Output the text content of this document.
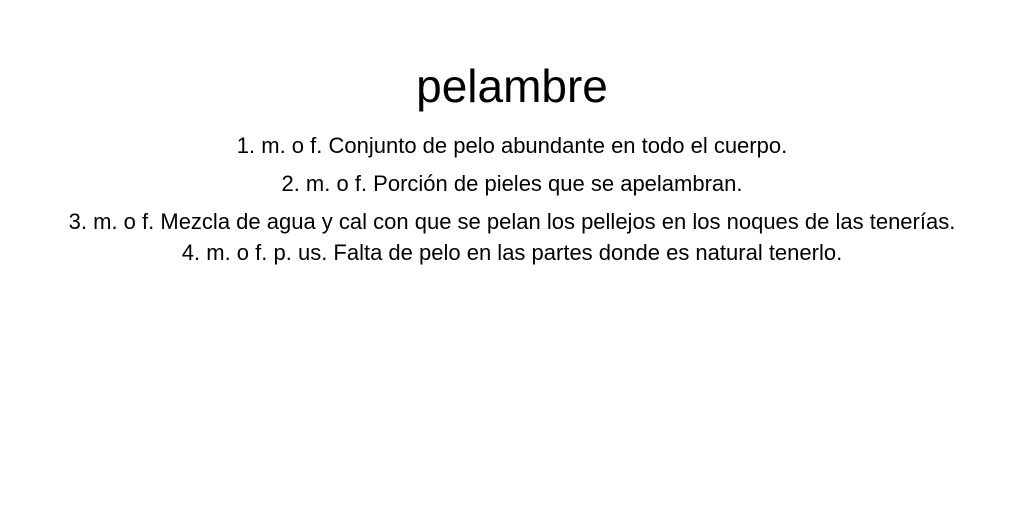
pelambre
1. m. o f. Conjunto de pelo abundante en todo el cuerpo.
2. m. o f. Porción de pieles que se apelambran.
3. m. o f. Mezcla de agua y cal con que se pelan los pellejos en los noques de las tenerías.
4. m. o f. p. us. Falta de pelo en las partes donde es natural tenerlo.
